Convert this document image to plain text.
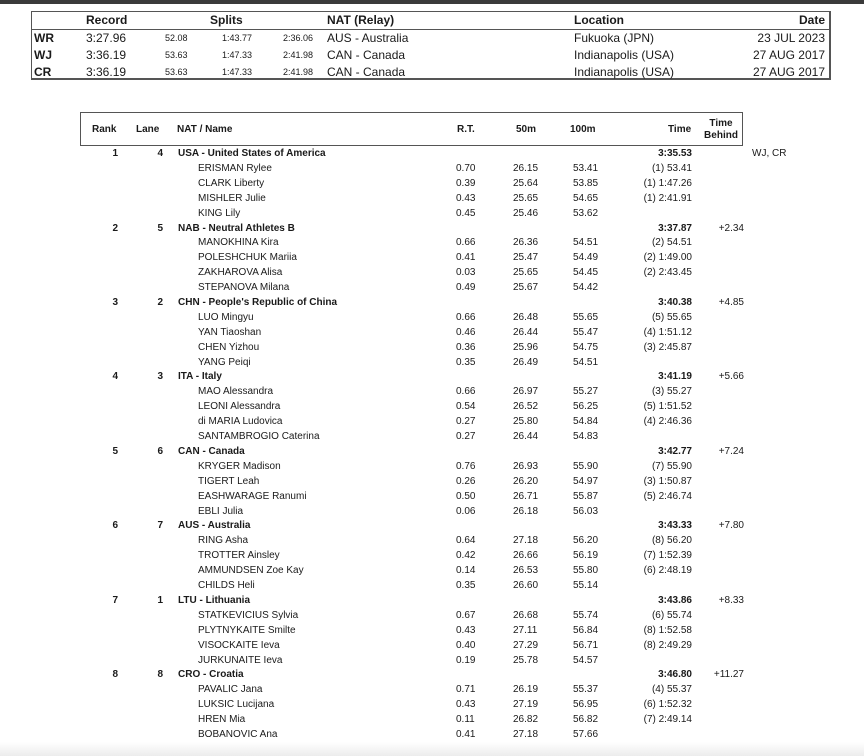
Record	Splits	NAT (Relay)	Location	Date
WR	3:27.96	52.08	1:43.77	2:36.06 AUS - Australia	Fukuoka (JPN)	23 JUL 2023
WJ	3:36.19	53.63	1:47.33	2:41.98 CAN - Canada	Indianapolis (USA)	27 AUG 2017
CR	3:36.19	53.63	1:47.33	2:41.98 CAN - Canada	Indianapolis (USA)	27 AUG 2017
Rank Lane NAT / Name	R.T.	50m	100m	Time
Time
Behind
1	4 USA - United States of America	3:35.53	WJ, CR
ERISMAN Rylee	0.70	26.15	53.41	(1) 53.41
CLARK Liberty	0.39	25.64	53.85	(1) 1:47.26
MISHLER Julie	0.43	25.65	54.65	(1) 2:41.91
KING Lily	0.45	25.46	53.62
2	5 NAB - Neutral Athletes B	3:37.87	+2.34
MANOKHINA Kira	0.66	26.36	54.51	(2) 54.51
POLESHCHUK Mariia	0.41	25.47	54.49	(2) 1:49.00
ZAKHAROVA Alisa	0.03	25.65	54.45	(2) 2:43.45
STEPANOVA Milana	0.49	25.67	54.42
3	2 CHN - People's Republic of China	3:40.38	+4.85
LUO Mingyu	0.66	26.48	55.65	(5) 55.65
YAN Tiaoshan	0.46	26.44	55.47	(4) 1:51.12
CHEN Yizhou	0.36	25.96	54.75	(3) 2:45.87
YANG Peiqi	0.35	26.49	54.51
4	3 ITA - Italy	3:41.19	+5.66
MAO Alessandra	0.66	26.97	55.27	(3) 55.27
LEONI Alessandra	0.54	26.52	56.25	(5) 1:51.52
di MARIA Ludovica	0.27	25.80	54.84	(4) 2:46.36
SANTAMBROGIO Caterina	0.27	26.44	54.83
5	6 CAN - Canada	3:42.77	+7.24
KRYGER Madison	0.76	26.93	55.90	(7) 55.90
TIGERT Leah	0.26	26.20	54.97	(3) 1:50.87
EASHWARAGE Ranumi	0.50	26.71	55.87	(5) 2:46.74
EBLI Julia	0.06	26.18	56.03
6	7 AUS - Australia	3:43.33	+7.80
RING Asha	0.64	27.18	56.20	(8) 56.20
TROTTER Ainsley	0.42	26.66	56.19	(7) 1:52.39
AMMUNDSEN Zoe Kay	0.14	26.53	55.80	(6) 2:48.19
CHILDS Heli	0.35	26.60	55.14
7	1 LTU - Lithuania	3:43.86	+8.33
STATKEVICIUS Sylvia	0.67	26.68	55.74	(6) 55.74
PLYTNYKAITE Smilte	0.43	27.11	56.84	(8) 1:52.58
VISOCKAITE Ieva	0.40	27.29	56.71	(8) 2:49.29
JURKUNAITE Ieva	0.19	25.78	54.57
8	8 CRO - Croatia	3:46.80 +11.27
PAVALIC Jana	0.71	26.19	55.37	(4) 55.37
LUKSIC Lucijana	0.43	27.19	56.95	(6) 1:52.32
HREN Mia	0.11	26.82	56.82	(7) 2:49.14
BOBANOVIC Ana	0.41	27.18	57.66
